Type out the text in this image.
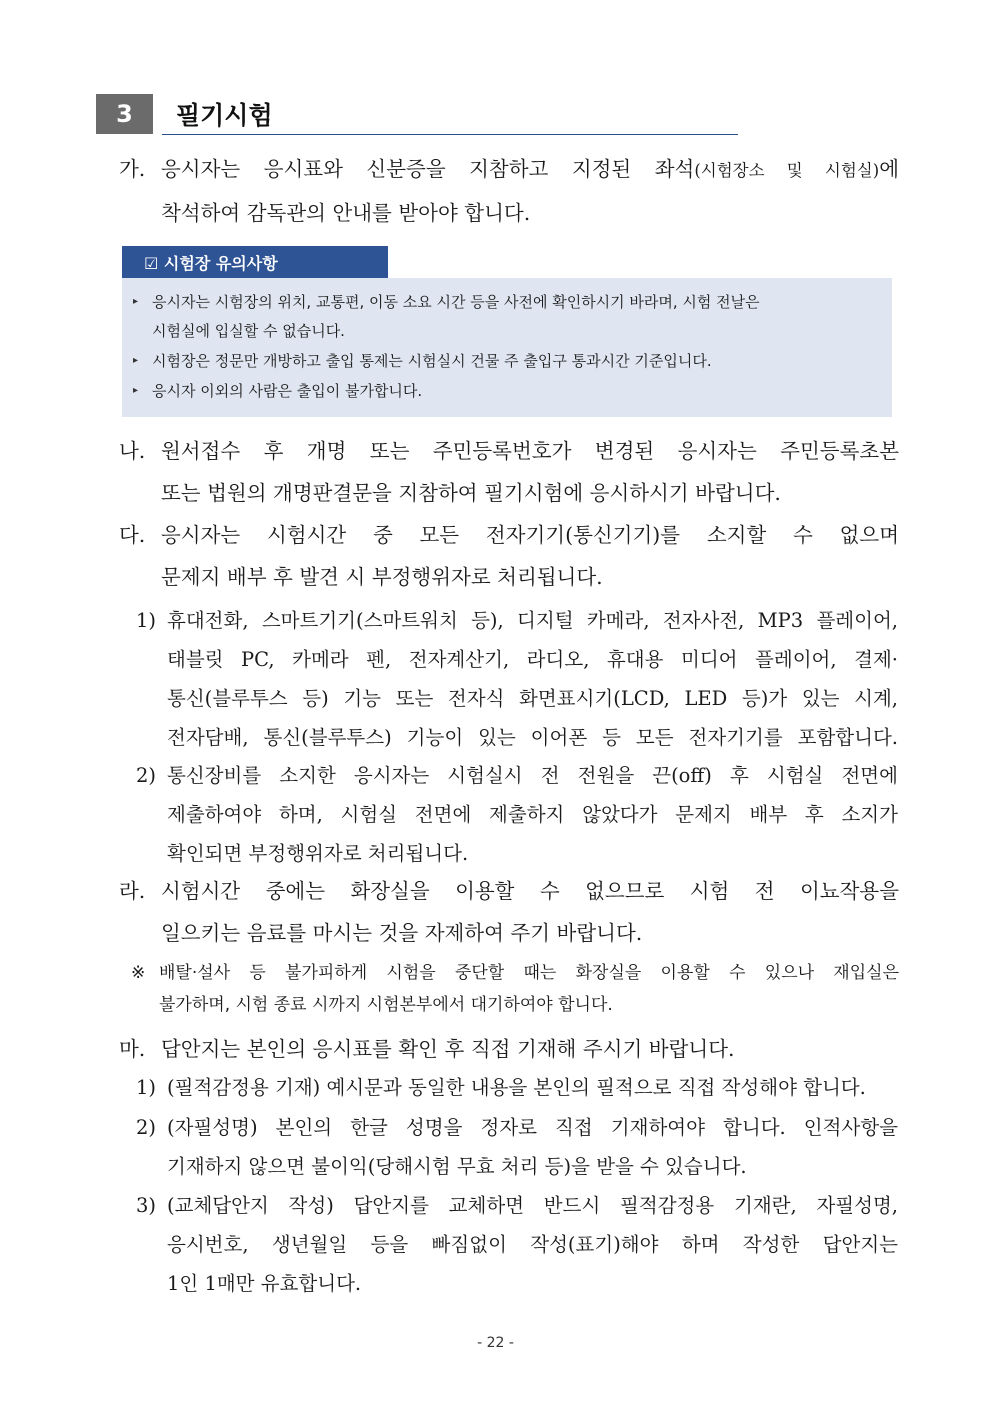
3	필기시험
가. 응시자는 응시표와 신분증을 지참하고 지정된 좌석(시험장소 및 시험실)에
착석하여 감독관의 안내를 받아야 합니다.
☑ 시험장 유의사항
▸ 응시자는 시험장의 위치, 교통편, 이동 소요 시간 등을 사전에 확인하시기 바라며, 시험 전날은
시험실에 입실할 수 없습니다.
▸ 시험장은 정문만 개방하고 출입 통제는 시험실시 건물 주 출입구 통과시간 기준입니다.
▸ 응시자 이외의 사람은 출입이 불가합니다.
나. 원서접수 후 개명 또는 주민등록번호가 변경된 응시자는 주민등록초본
또는 법원의 개명판결문을 지참하여 필기시험에 응시하시기 바랍니다.
다. 응시자는 시험시간 중 모든 전자기기(통신기기)를 소지할 수 없으며
문제지 배부 후 발견 시 부정행위자로 처리됩니다.
1) 휴대전화, 스마트기기(스마트워치 등), 디지털 카메라, 전자사전, MP3 플레이어,
태블릿 PC, 카메라 펜, 전자계산기, 라디오, 휴대용 미디어 플레이어, 결제·
통신(블루투스 등) 기능 또는 전자식 화면표시기(LCD, LED 등)가 있는 시계,
전자담배, 통신(블루투스) 기능이 있는 이어폰 등 모든 전자기기를 포함합니다.
2) 통신장비를 소지한 응시자는 시험실시 전 전원을 끈(off) 후 시험실 전면에
제출하여야 하며, 시험실 전면에 제출하지 않았다가 문제지 배부 후 소지가
확인되면 부정행위자로 처리됩니다.
라. 시험시간 중에는 화장실을 이용할 수 없으므로 시험 전 이뇨작용을
일으키는 음료를 마시는 것을 자제하여 주기 바랍니다.
※ 배탈·설사 등 불가피하게 시험을 중단할 때는 화장실을 이용할 수 있으나 재입실은
불가하며, 시험 종료 시까지 시험본부에서 대기하여야 합니다.
마. 답안지는 본인의 응시표를 확인 후 직접 기재해 주시기 바랍니다.
1) (필적감정용 기재) 예시문과 동일한 내용을 본인의 필적으로 직접 작성해야 합니다.
2) (자필성명) 본인의 한글 성명을 정자로 직접 기재하여야 합니다. 인적사항을
기재하지 않으면 불이익(당해시험 무효 처리 등)을 받을 수 있습니다.
3) (교체답안지 작성) 답안지를 교체하면 반드시 필적감정용 기재란, 자필성명,
응시번호, 생년월일 등을 빠짐없이 작성(표기)해야 하며 작성한 답안지는
1인 1매만 유효합니다.
- 22 -
